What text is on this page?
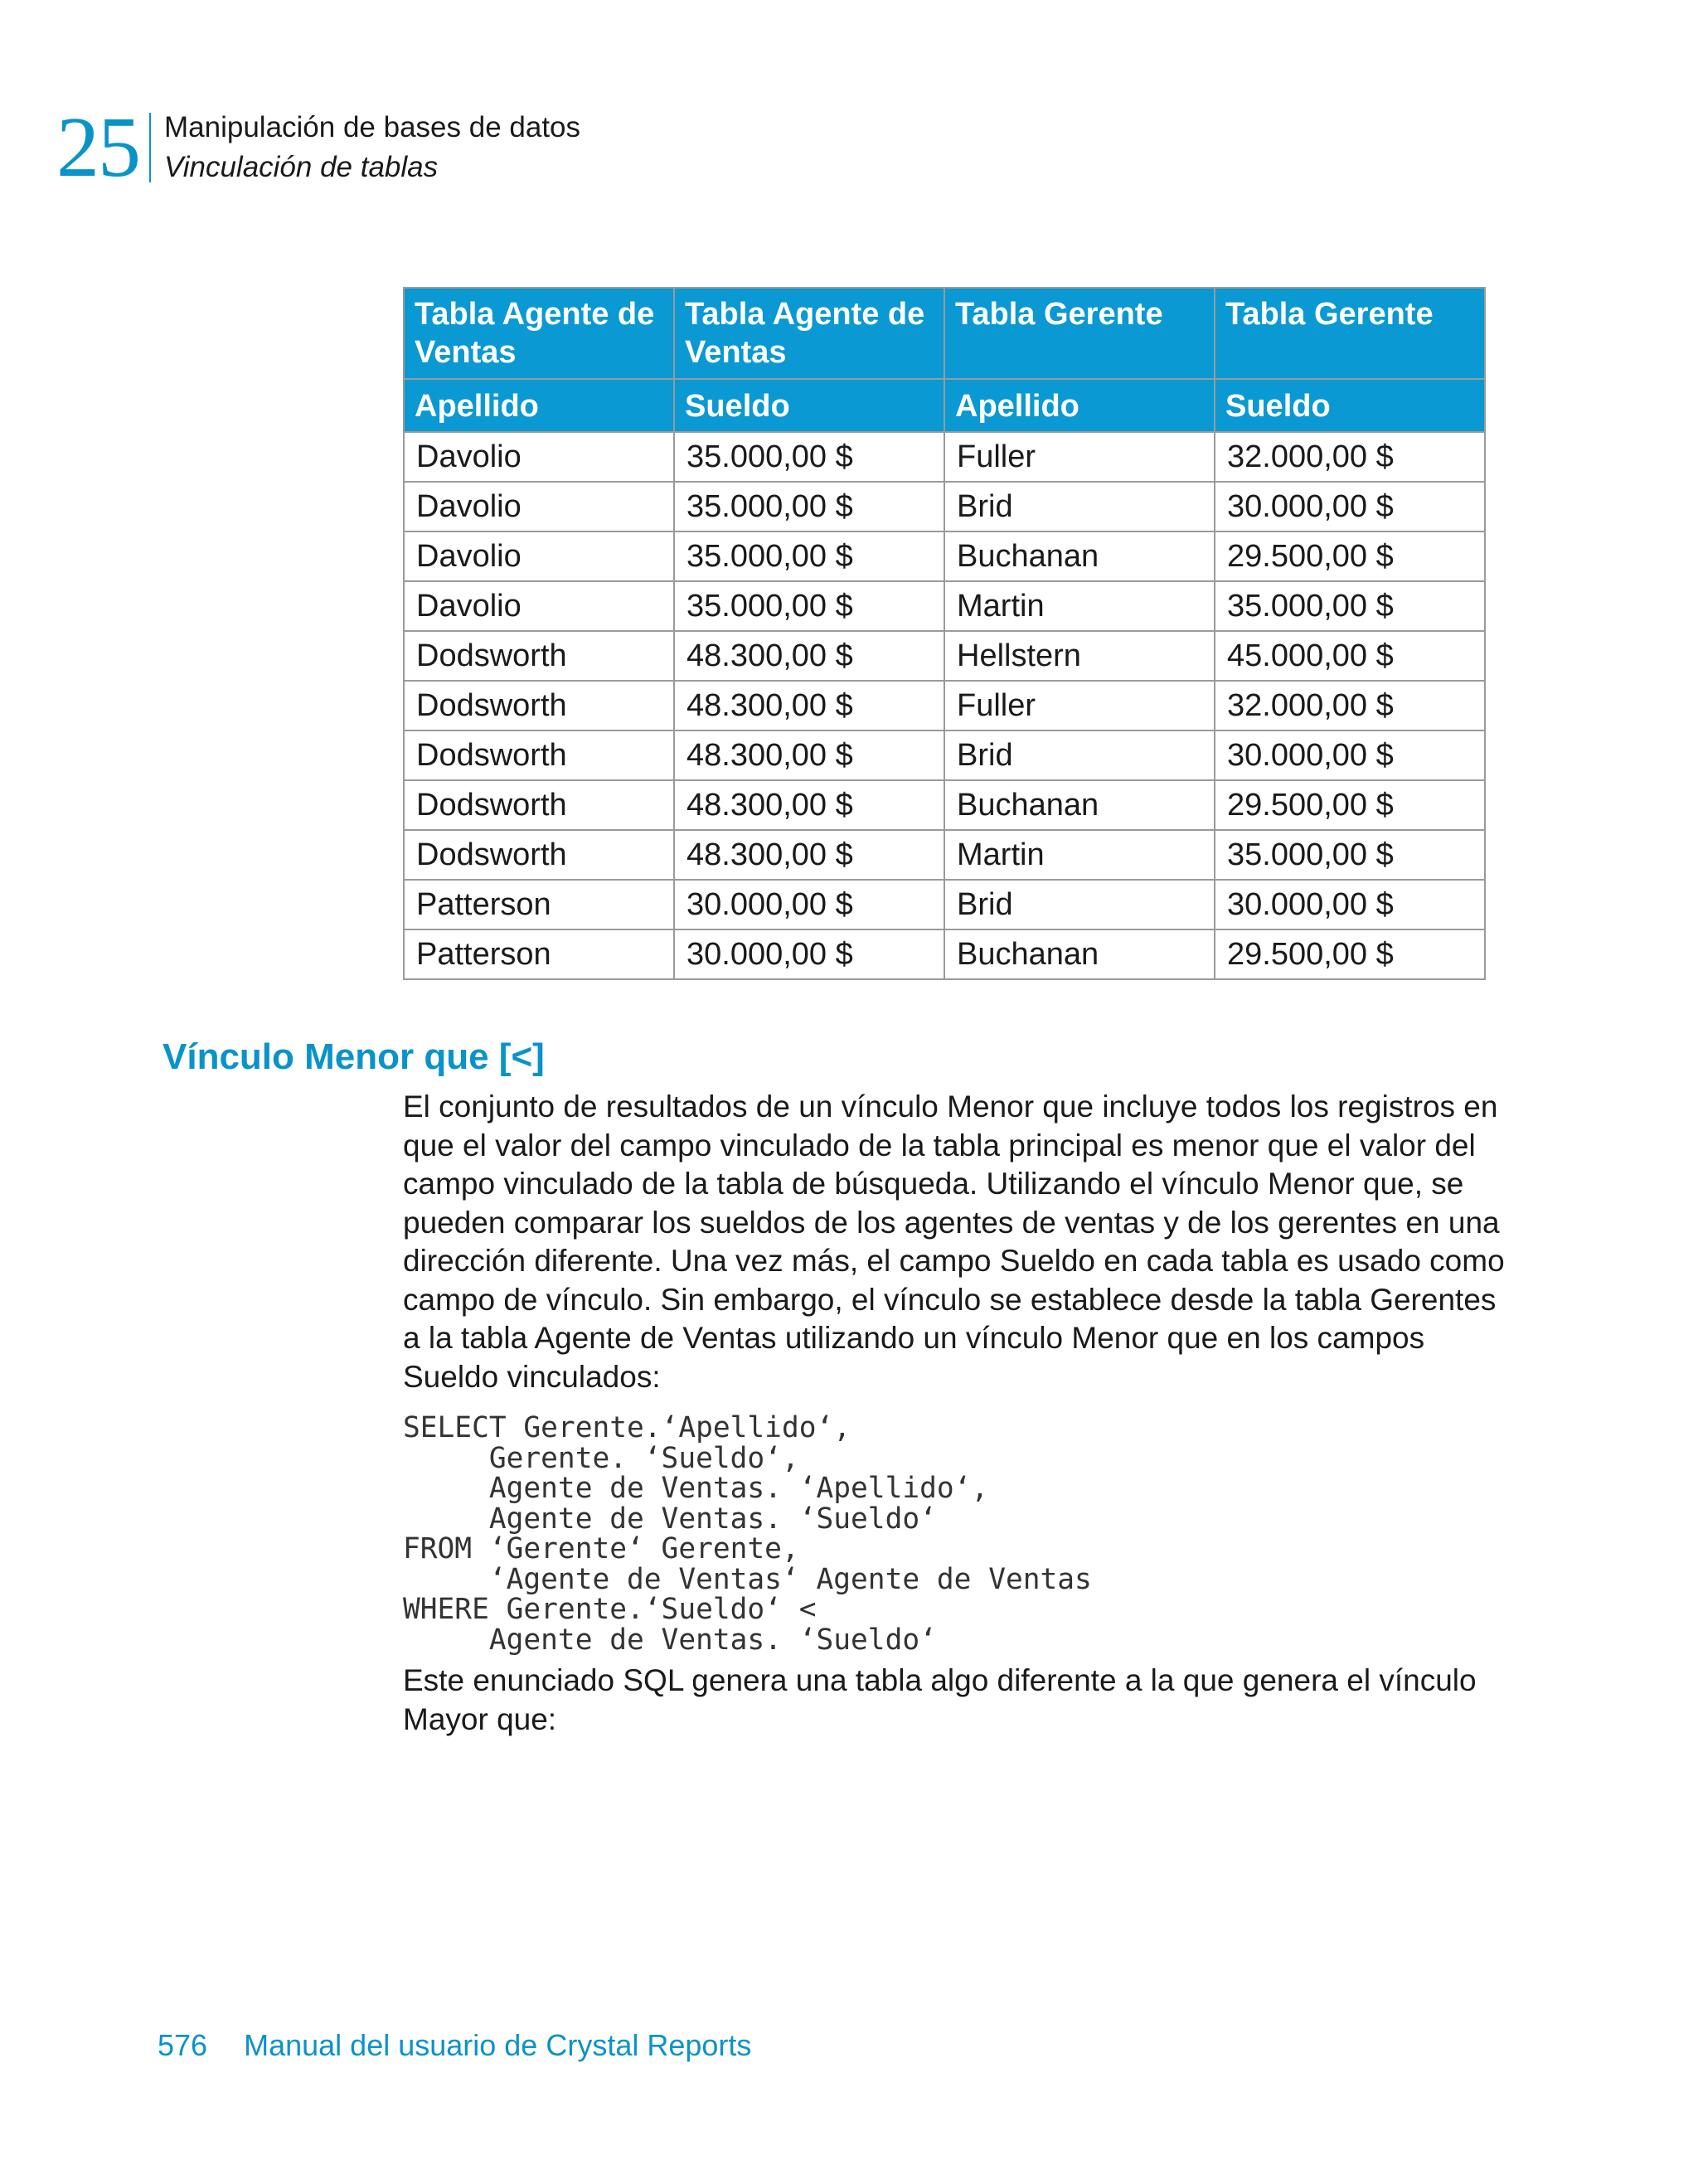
25 Manipulación de bases de datos
Vinculación de tablas
Tabla Agente de Ventas	Tabla Agente de Ventas	Tabla Gerente	Tabla Gerente
Apellido	Sueldo	Apellido	Sueldo
Davolio	35.000,00 $	Fuller	32.000,00 $
Davolio	35.000,00 $	Brid	30.000,00 $
Davolio	35.000,00 $	Buchanan	29.500,00 $
Davolio	35.000,00 $	Martin	35.000,00 $
Dodsworth	48.300,00 $	Hellstern	45.000,00 $
Dodsworth	48.300,00 $	Fuller	32.000,00 $
Dodsworth	48.300,00 $	Brid	30.000,00 $
Dodsworth	48.300,00 $	Buchanan	29.500,00 $
Dodsworth	48.300,00 $	Martin	35.000,00 $
Patterson	30.000,00 $	Brid	30.000,00 $
Patterson	30.000,00 $	Buchanan	29.500,00 $
Vínculo Menor que [<]

El conjunto de resultados de un vínculo Menor que incluye todos los registros en que el valor del campo vinculado de la tabla principal es menor que el valor del campo vinculado de la tabla de búsqueda. Utilizando el vínculo Menor que, se pueden comparar los sueldos de los agentes de ventas y de los gerentes en una dirección diferente. Una vez más, el campo Sueldo en cada tabla es usado como campo de vínculo. Sin embargo, el vínculo se establece desde la tabla Gerentes a la tabla Agente de Ventas utilizando un vínculo Menor que en los campos Sueldo vinculados:

SELECT Gerente.‘Apellido‘,
Gerente. ‘Sueldo‘,
Agente de Ventas. ‘Apellido‘,
Agente de Ventas. ‘Sueldo‘
FROM ‘Gerente‘ Gerente,
‘Agente de Ventas‘ Agente de Ventas
WHERE Gerente.‘Sueldo‘ <
Agente de Ventas. ‘Sueldo‘

Este enunciado SQL genera una tabla algo diferente a la que genera el vínculo Mayor que:

576 Manual del usuario de Crystal Reports
